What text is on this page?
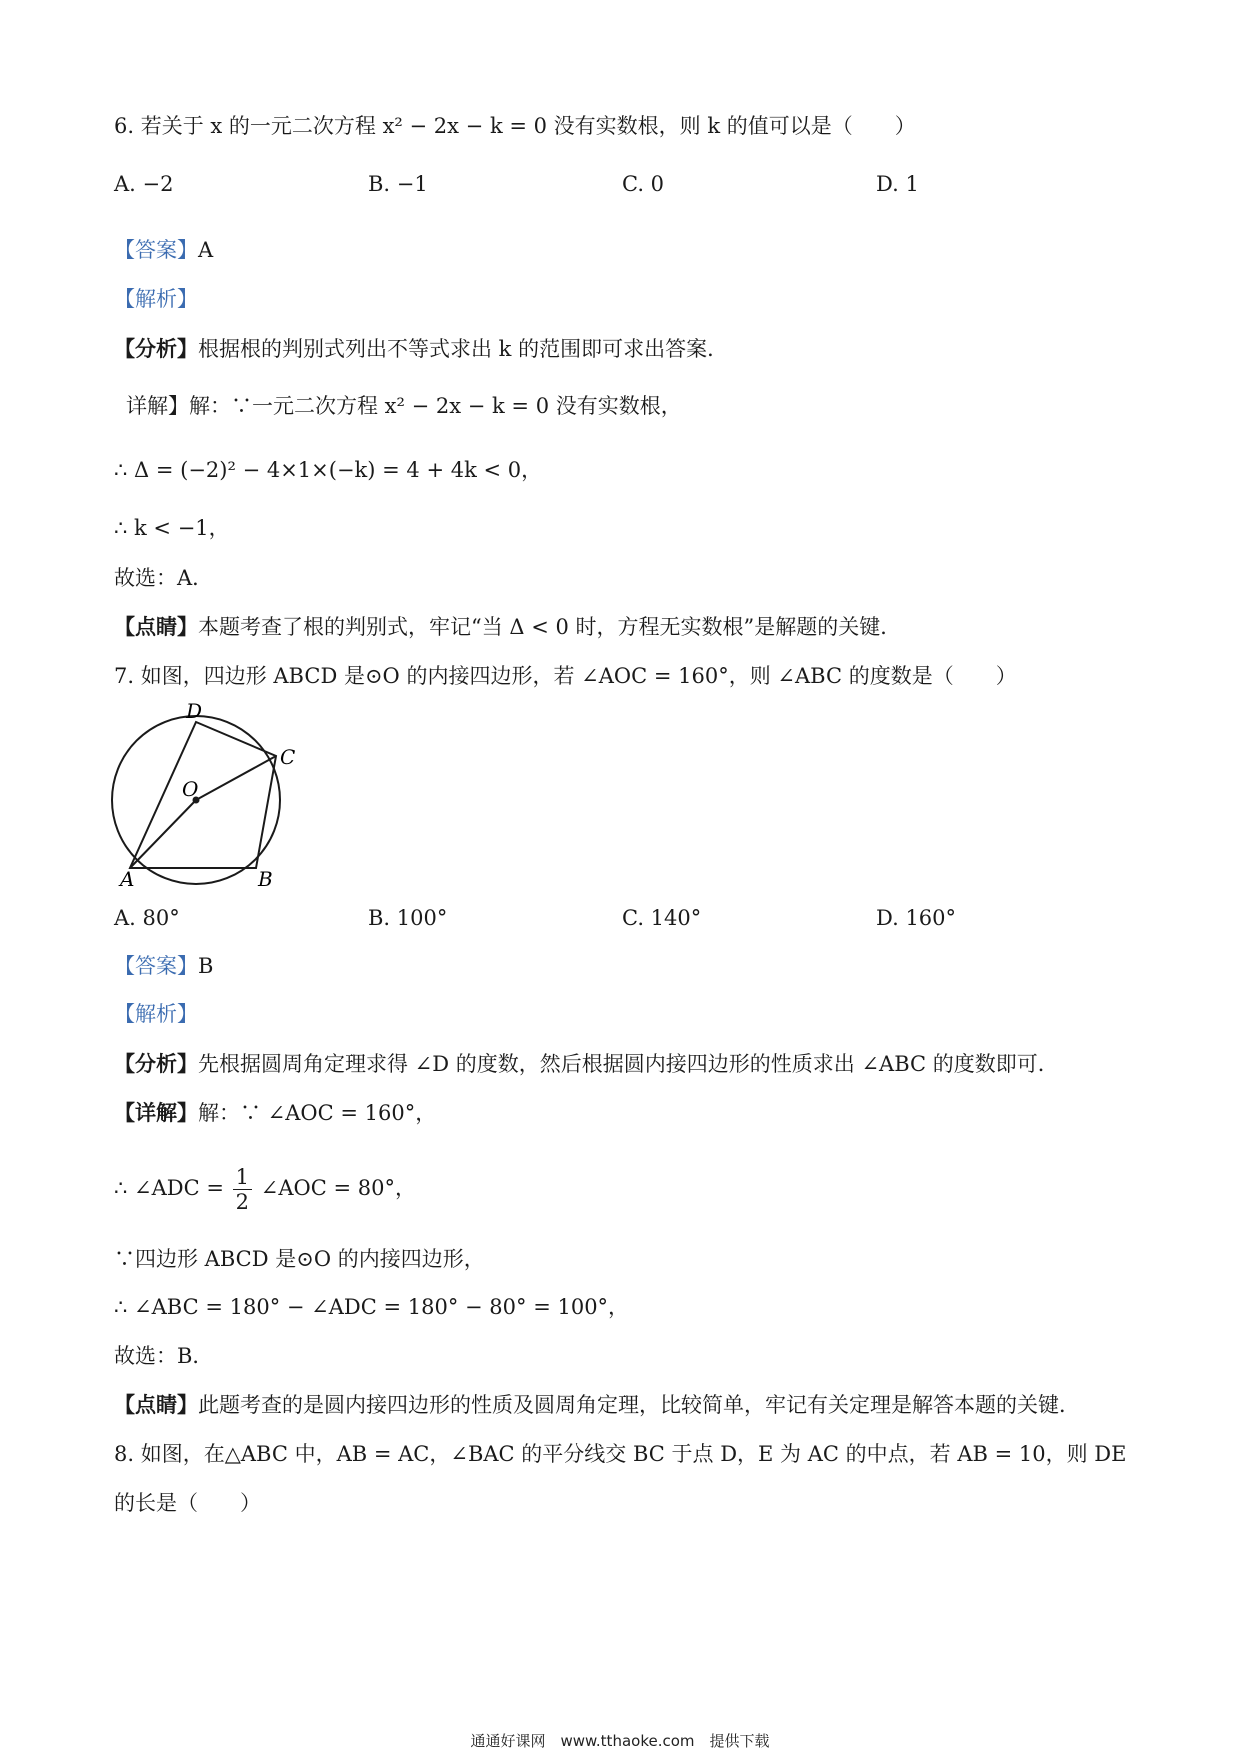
6. 若关于 x 的一元二次方程 x² − 2x − k = 0 没有实数根，则 k 的值可以是（　　）
A. −2	B. −1	C. 0	D. 1
【答案】A
【解析】
【分析】根据根的判别式列出不等式求出 k 的范围即可求出答案．
详解】解：∵一元二次方程 x² − 2x − k = 0 没有实数根，
∴ Δ = (−2)² − 4×1×(−k) = 4 + 4k < 0，
∴ k < −1，
故选：A．
【点睛】本题考查了根的判别式，牢记“当 Δ < 0 时，方程无实数根”是解题的关键．
7. 如图，四边形 ABCD 是⊙O 的内接四边形，若 ∠AOC = 160°，则 ∠ABC 的度数是（　　）
D
C
O
A	B
A. 80°	B. 100°	C. 140°	D. 160°
【答案】B
【解析】
【分析】先根据圆周角定理求得 ∠D 的度数，然后根据圆内接四边形的性质求出 ∠ABC 的度数即可．
【详解】解：∵ ∠AOC = 160°，
∴ ∠ADC = $\frac{1}{2}$ ∠AOC = 80°，
∵四边形 ABCD 是⊙O 的内接四边形，
∴ ∠ABC = 180° − ∠ADC = 180° − 80° = 100°，
故选：B．
【点睛】此题考查的是圆内接四边形的性质及圆周角定理，比较简单，牢记有关定理是解答本题的关键．
8. 如图，在△ABC 中，AB = AC，∠BAC 的平分线交 BC 于点 D，E 为 AC 的中点，若 AB = 10，则 DE
的长是（　　）
通通好课网　www.tthaoke.com　提供下载
